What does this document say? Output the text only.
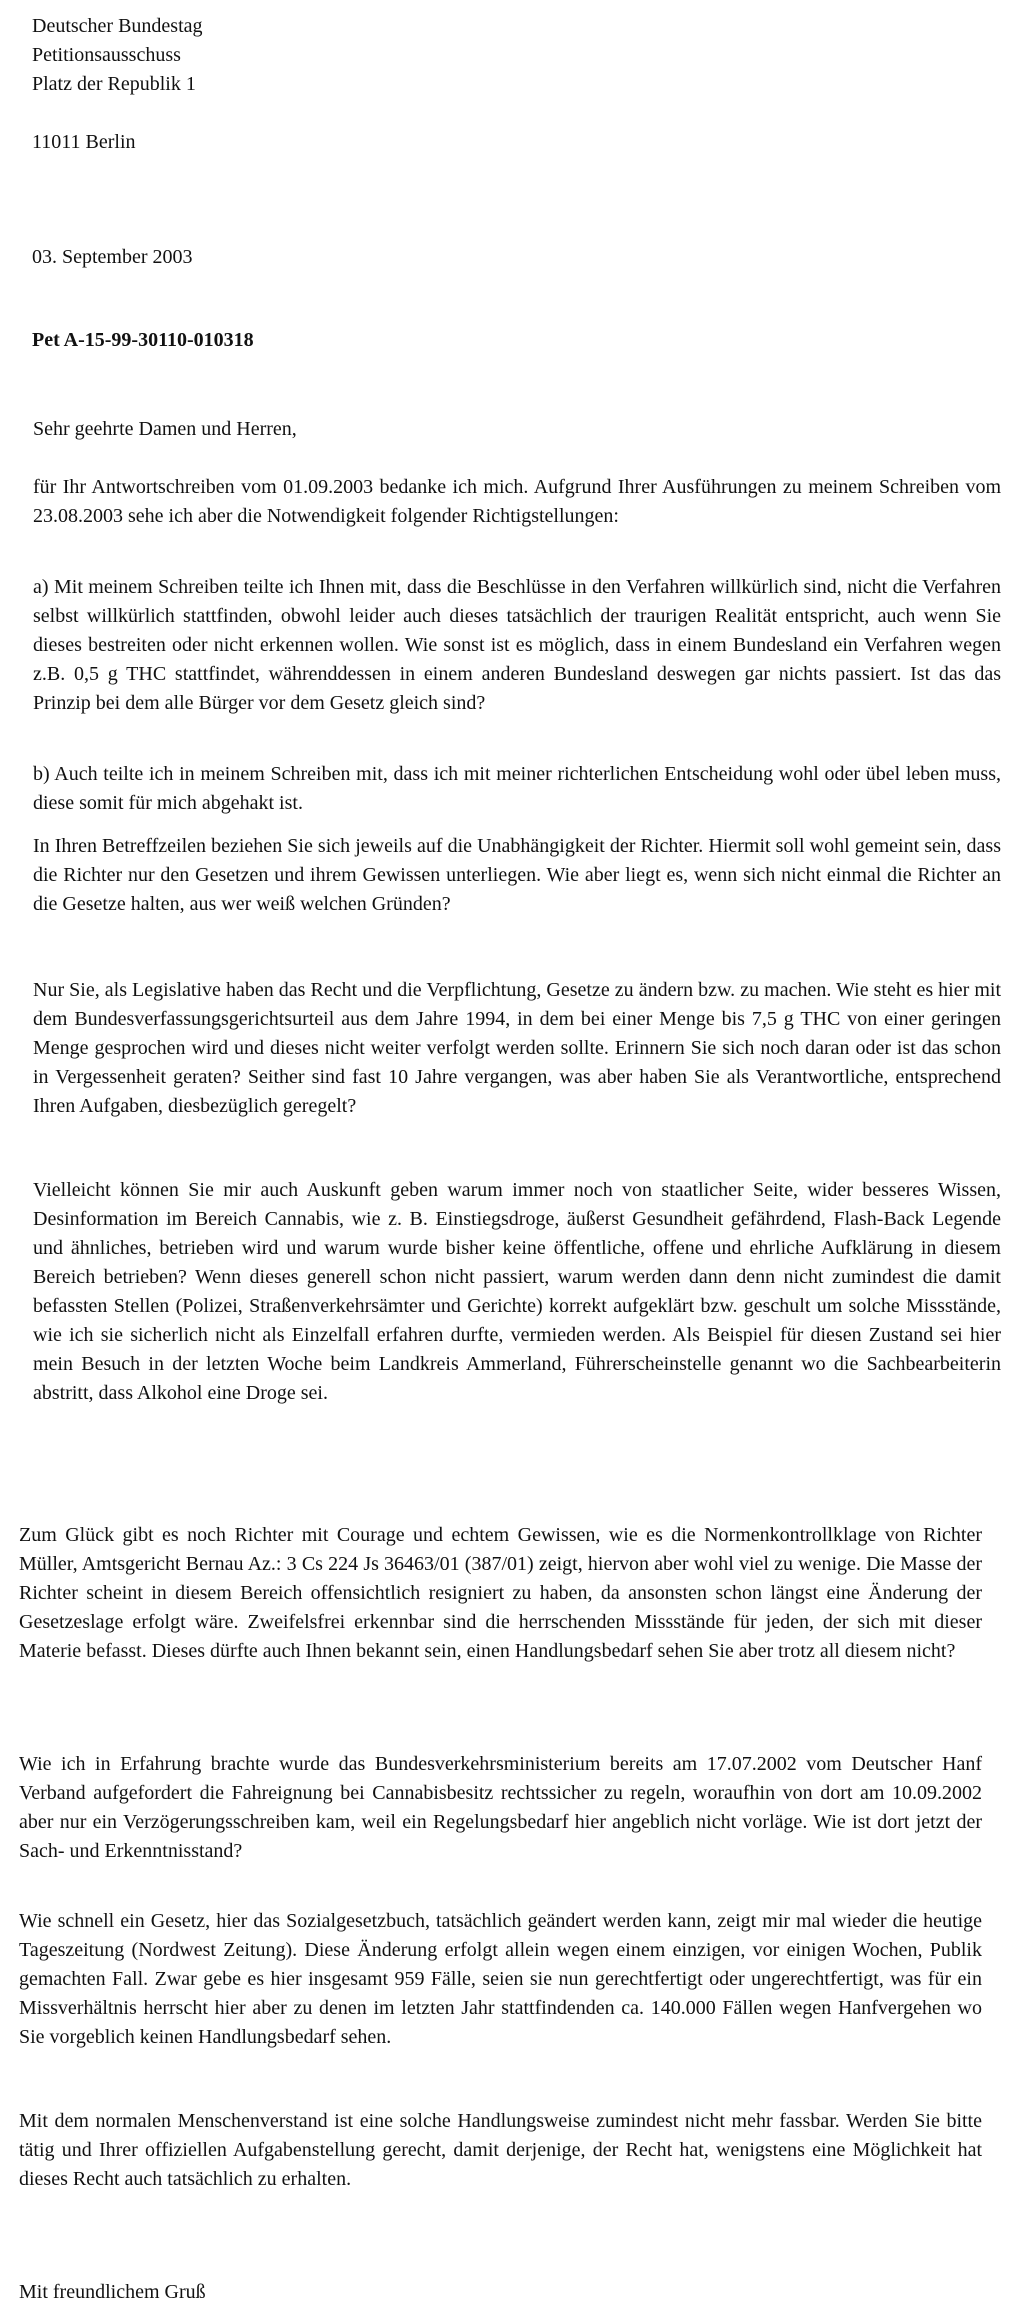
Deutscher Bundestag
Petitionsausschuss
Platz der Republik 1
11011 Berlin
03. September 2003
Pet A-15-99-30110-010318
Sehr geehrte Damen und Herren,

für Ihr Antwortschreiben vom 01.09.2003 bedanke ich mich. Aufgrund Ihrer Ausführungen zu meinem Schreiben vom 23.08.2003 sehe ich aber die Notwendigkeit folgender Richtigstellungen:

a) Mit meinem Schreiben teilte ich Ihnen mit, dass die Beschlüsse in den Verfahren willkürlich sind, nicht die Verfahren selbst willkürlich stattfinden, obwohl leider auch dieses tatsächlich der traurigen Realität entspricht, auch wenn Sie dieses bestreiten oder nicht erkennen wollen. Wie sonst ist es möglich, dass in einem Bundesland ein Verfahren wegen z.B. 0,5 g THC stattfindet, währenddessen in einem anderen Bundesland deswegen gar nichts passiert. Ist das das Prinzip bei dem alle Bürger vor dem Gesetz gleich sind?

b) Auch teilte ich in meinem Schreiben mit, dass ich mit meiner richterlichen Entscheidung wohl oder übel leben muss, diese somit für mich abgehakt ist.

In Ihren Betreffzeilen beziehen Sie sich jeweils auf die Unabhängigkeit der Richter. Hiermit soll wohl gemeint sein, dass die Richter nur den Gesetzen und ihrem Gewissen unterliegen. Wie aber liegt es, wenn sich nicht einmal die Richter an die Gesetze halten, aus wer weiß welchen Gründen?

Nur Sie, als Legislative haben das Recht und die Verpflichtung, Gesetze zu ändern bzw. zu machen. Wie steht es hier mit dem Bundesverfassungsgerichtsurteil aus dem Jahre 1994, in dem bei einer Menge bis 7,5 g THC von einer geringen Menge gesprochen wird und dieses nicht weiter verfolgt werden sollte. Erinnern Sie sich noch daran oder ist das schon in Vergessenheit geraten? Seither sind fast 10 Jahre vergangen, was aber haben Sie als Verantwortliche, entsprechend Ihren Aufgaben, diesbezüglich geregelt?

Vielleicht können Sie mir auch Auskunft geben warum immer noch von staatlicher Seite, wider besseres Wissen, Desinformation im Bereich Cannabis, wie z. B. Einstiegsdroge, äußerst Gesundheit gefährdend, Flash-Back Legende und ähnliches, betrieben wird und warum wurde bisher keine öffentliche, offene und ehrliche Aufklärung in diesem Bereich betrieben? Wenn dieses generell schon nicht passiert, warum werden dann denn nicht zumindest die damit befassten Stellen (Polizei, Straßenverkehrsämter und Gerichte) korrekt aufgeklärt bzw. geschult um solche Missstände, wie ich sie sicherlich nicht als Einzelfall erfahren durfte, vermieden werden. Als Beispiel für diesen Zustand sei hier mein Besuch in der letzten Woche beim Landkreis Ammerland, Führerscheinstelle genannt wo die Sachbearbeiterin abstritt, dass Alkohol eine Droge sei.

Zum Glück gibt es noch Richter mit Courage und echtem Gewissen, wie es die Normenkontrollklage von Richter Müller, Amtsgericht Bernau Az.: 3 Cs 224 Js 36463/01 (387/01) zeigt, hiervon aber wohl viel zu wenige. Die Masse der Richter scheint in diesem Bereich offensichtlich resigniert zu haben, da ansonsten schon längst eine Änderung der Gesetzeslage erfolgt wäre. Zweifelsfrei erkennbar sind die herrschenden Missstände für jeden, der sich mit dieser Materie befasst. Dieses dürfte auch Ihnen bekannt sein, einen Handlungsbedarf sehen Sie aber trotz all diesem nicht?

Wie ich in Erfahrung brachte wurde das Bundesverkehrsministerium bereits am 17.07.2002 vom Deutscher Hanf Verband aufgefordert die Fahreignung bei Cannabisbesitz rechtssicher zu regeln, woraufhin von dort am 10.09.2002 aber nur ein Verzögerungsschreiben kam, weil ein Regelungsbedarf hier angeblich nicht vorläge. Wie ist dort jetzt der Sach- und Erkenntnisstand?

Wie schnell ein Gesetz, hier das Sozialgesetzbuch, tatsächlich geändert werden kann, zeigt mir mal wieder die heutige Tageszeitung (Nordwest Zeitung). Diese Änderung erfolgt allein wegen einem einzigen, vor einigen Wochen, Publik gemachten Fall. Zwar gebe es hier insgesamt 959 Fälle, seien sie nun gerechtfertigt oder ungerechtfertigt, was für ein Missverhältnis herrscht hier aber zu denen im letzten Jahr stattfindenden ca. 140.000 Fällen wegen Hanfvergehen wo Sie vorgeblich keinen Handlungsbedarf sehen.

Mit dem normalen Menschenverstand ist eine solche Handlungsweise zumindest nicht mehr fassbar. Werden Sie bitte tätig und Ihrer offiziellen Aufgabenstellung gerecht, damit derjenige, der Recht hat, wenigstens eine Möglichkeit hat dieses Recht auch tatsächlich zu erhalten.

Mit freundlichem Gruß
